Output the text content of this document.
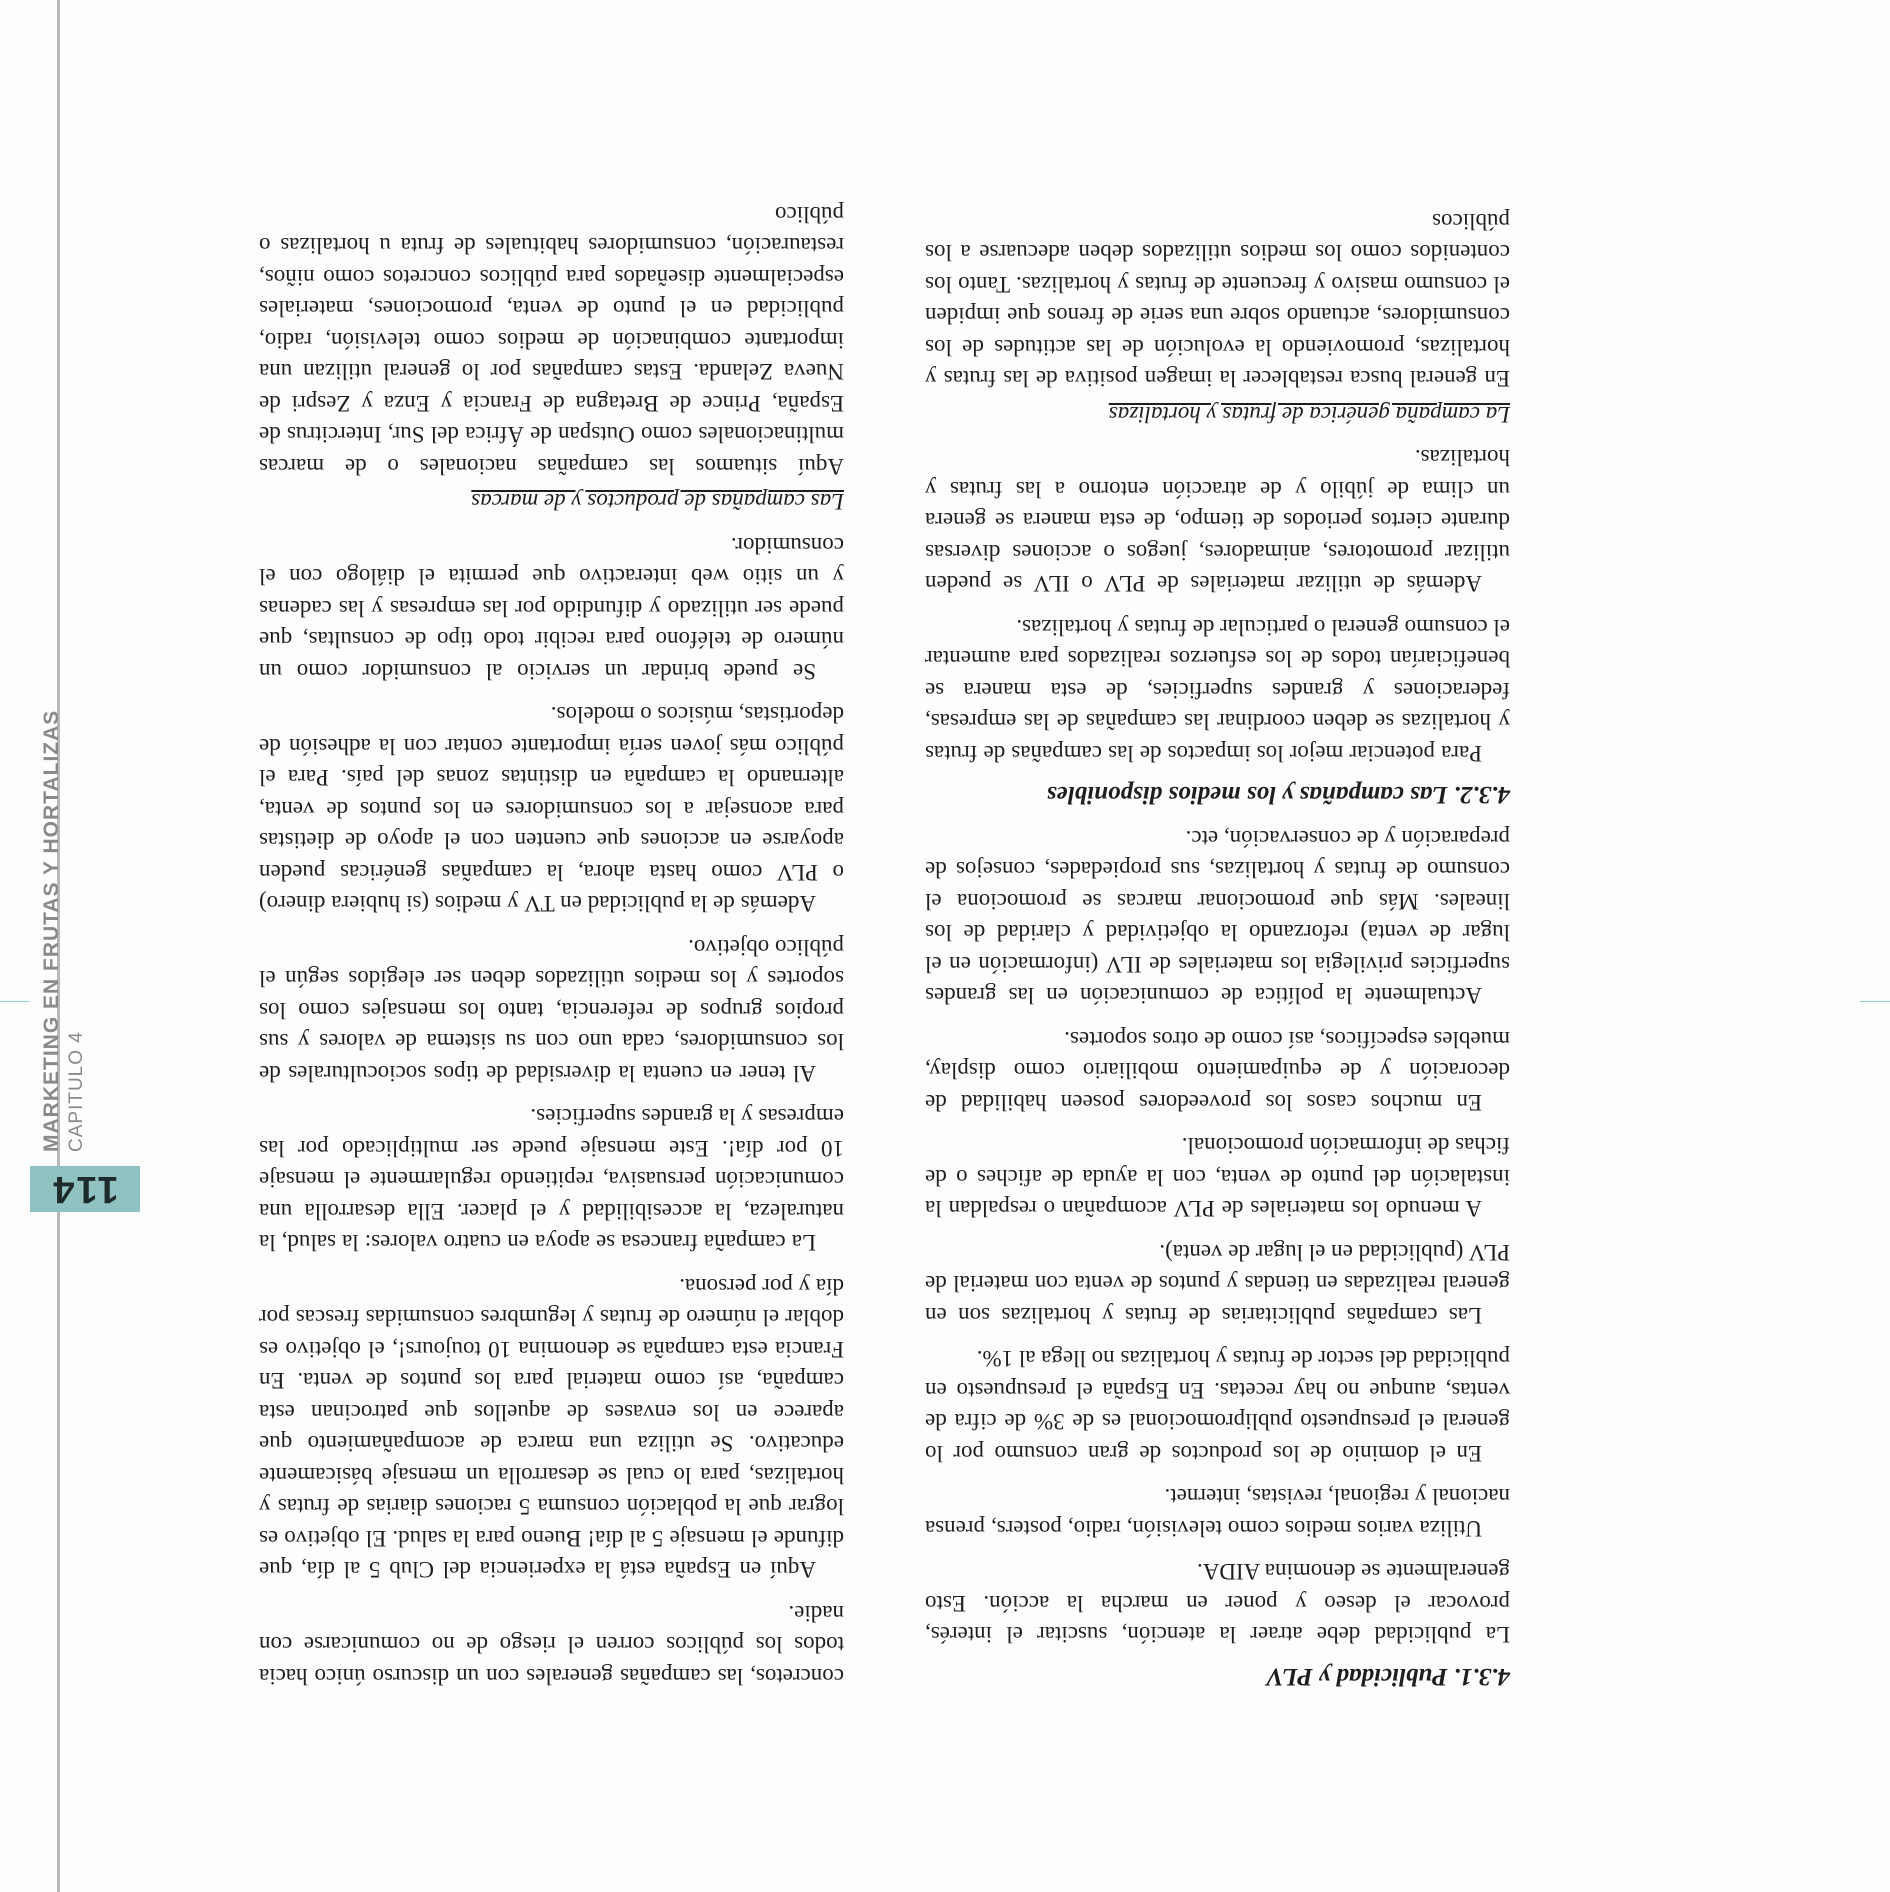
114
MARKETING EN FRUTAS Y HORTALIZAS CAPITULO 4
4.3.1. Publicidad y PLV

La publicidad debe atraer la atención, suscitar el interés, provocar el deseo y poner en marcha la acción. Esto generalmente se denomina AIDA.

Utiliza varios medios como televisión, radio, posters, prensa nacional y regional, revistas, internet.

En el dominio de los productos de gran consumo por lo general el presupuesto publipromocional es de 3% de cifra de ventas, aunque no hay recetas. En España el presupuesto en publicidad del sector de frutas y hortalizas no llega al 1%.

Las campañas publicitarias de frutas y hortalizas son en general realizadas en tiendas y puntos de venta con material de PLV (publicidad en el lugar de venta).

A menudo los materiales de PLV acompañan o respaldan la instalación del punto de venta, con la ayuda de afiches o de fichas de información promocional.

En muchos casos los proveedores poseen habilidad de decoración y de equipamiento mobiliario como display, muebles específicos, así como de otros soportes.

Actualmente la política de comunicación en las grandes superficies privilegia los materiales de ILV (información en el lugar de venta) reforzando la objetividad y claridad de los lineales. Más que promocionar marcas se promociona el consumo de frutas y hortalizas, sus propiedades, consejos de preparación y de conservación, etc.

4.3.2. Las campañas y los medios disponibles

Para potenciar mejor los impactos de las campañas de frutas y hortalizas se deben coordinar las campañas de las empresas, federaciones y grandes superficies, de esta manera se beneficiarían todos de los esfuerzos realizados para aumentar el consumo general o particular de frutas y hortalizas.

Además de utilizar materiales de PLV o ILV se pueden utilizar promotores, animadores, juegos o acciones diversas durante ciertos periodos de tiempo, de esta manera se genera un clima de júbilo y de atracción entorno a las frutas y hortalizas.

La campaña genérica de frutas y hortalizas
En general busca restablecer la imagen positiva de las frutas y hortalizas, promoviendo la evolución de las actitudes de los consumidores, actuando sobre una serie de frenos que impiden el consumo masivo y frecuente de frutas y hortalizas. Tanto los contenidos como los medios utilizados deben adecuarse a los públicos

concretos, las campañas generales con un discurso único hacia todos los públicos corren el riesgo de no comunicarse con nadie.

Aquí en España está la experiencia del Club 5 al día, que difunde el mensaje 5 al día! Bueno para la salud. El objetivo es lograr que la población consuma 5 raciones diarias de frutas y hortalizas, para lo cual se desarrolla un mensaje básicamente educativo. Se utiliza una marca de acompañamiento que aparece en los envases de aquellos que patrocinan esta campaña, así como material para los puntos de venta. En Francia esta campaña se denomina 10 toujours!, el objetivo es doblar el número de frutas y legumbres consumidas frescas por día y por persona.

La campaña francesa se apoya en cuatro valores: la salud, la naturaleza, la accesibilidad y el placer. Ella desarrolla una comunicación persuasiva, repitiendo regularmente el mensaje 10 por día!. Este mensaje puede ser multiplicado por las empresas y la grandes superficies.

Al tener en cuenta la diversidad de tipos socioculturales de los consumidores, cada uno con su sistema de valores y sus propios grupos de referencia, tanto los mensajes como los soportes y los medios utilizados deben ser elegidos según el público objetivo.

Además de la publicidad en TV y medios (si hubiera dinero) o PLV como hasta ahora, la campañas genéricas pueden apoyarse en acciones que cuenten con el apoyo de dietistas para aconsejar a los consumidores en los puntos de venta, alternando la campaña en distintas zonas del país. Para el público más joven sería importante contar con la adhesión de deportistas, músicos o modelos.

Se puede brindar un servicio al consumidor como un número de teléfono para recibir todo tipo de consultas, que puede ser utilizado y difundido por las empresas y las cadenas y un sitio web interactivo que permita el diálogo con el consumidor.

Las campañas de productos y de marcas
Aquí situamos las campañas nacionales o de marcas multinacionales como Outspan de África del Sur, Intercitrus de España, Prince de Bretagna de Francia y Enza y Zespri de Nueva Zelanda. Estas campañas por lo general utilizan una importante combinación de medios como televisión, radio, publicidad en el punto de venta, promociones, materiales especialmente diseñados para públicos concretos como niños, restauración, consumidores habituales de fruta u hortalizas o público
